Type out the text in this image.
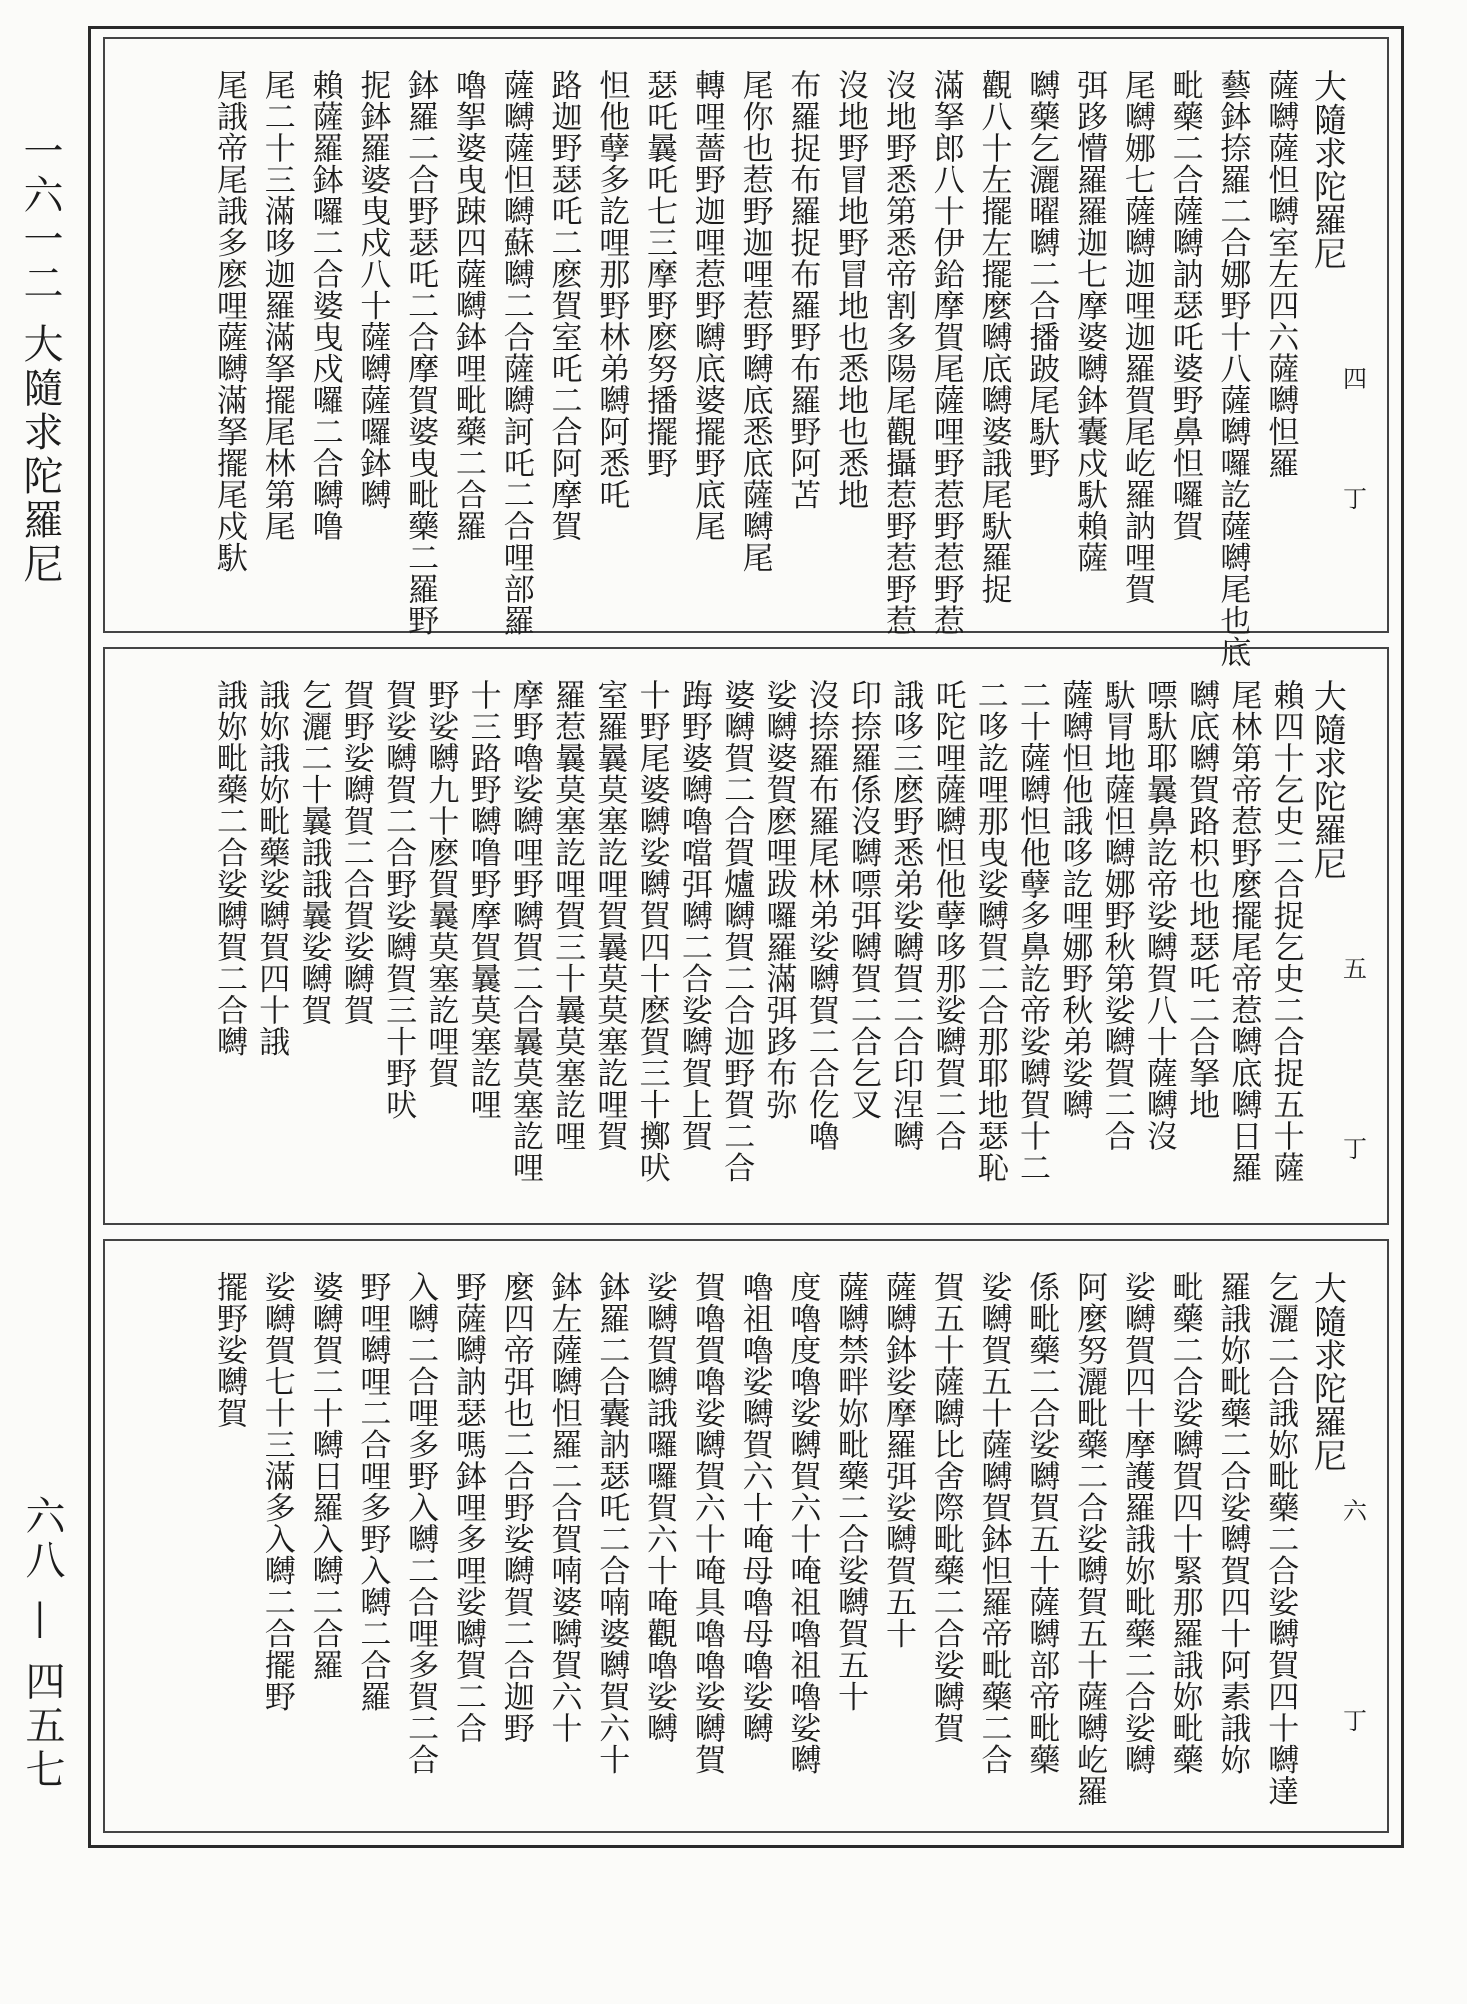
一六一二 大隨求陀羅尼
六八 — 四五七
四
丁
大隨求陀羅尼
薩嚩薩怛嚩室左四六薩嚩怛羅
藝鉢捺羅二合娜野十八薩嚩囉訖薩嚩尾也底
毗藥二合薩嚩訥瑟吒婆野鼻怛囉賀
尾嚩娜七薩嚩迦哩迦羅賀尾屹羅訥哩賀
弭跢懵羅羅迦七摩婆嚩鉢囊戍馱賴薩
嚩藥乞灑曜嚩二合播跛尾馱野
觀八十左擺左擺麼嚩底嚩婆誐尾馱羅捉
滿拏郎八十伊鉿摩賀尾薩哩野惹野惹野惹
沒地野悉第悉帝割多陽尾觀攝惹野惹野惹
沒地野冒地野冒地也悉地也悉地
布羅捉布羅捉布羅野布羅野阿苫
尾你也惹野迦哩惹野嚩底悉底薩嚩尾
轉哩薔野迦哩惹野嚩底婆擺野底尾
瑟吒曩吒七三摩野麽努播擺野
怛他孽多訖哩那野林弟嚩阿悉吒
路迦野瑟吒二麽賀室吒二合阿摩賀
薩嚩薩怛嚩蘇嚩二合薩嚩訶吒二合哩部羅
嚕挐婆曳踈四薩嚩鉢哩毗藥二合羅
鉢羅二合野瑟吒二合摩賀婆曳毗藥二羅野
抳鉢羅婆曳戍八十薩嚩薩囉鉢嚩
賴薩羅鉢囉二合婆曳戍囉二合嚩噜
尾二十三滿哆迦羅滿拏擺尾林第尾
尾誐帝尾誐多麽哩薩嚩滿拏擺尾戍馱
五
丁
大隨求陀羅尼
賴四十乞史二合捉乞史二合捉五十薩
尾林第帝惹野麼擺尾帝惹嚩底嚩日羅
嚩底嚩賀路枳也地瑟吒二合拏地
嘌馱耶曩鼻訖帝娑嚩賀八十薩嚩沒
馱冐地薩怛嚩娜野秋第娑嚩賀二合
薩嚩怛他誐哆訖哩娜野秋弟娑嚩
二十薩嚩怛他孽多鼻訖帝娑嚩賀十二
二哆訖哩那曳娑嚩賀二合那耶地瑟恥
吒陀哩薩嚩怛他孽哆那娑嚩賀二合
誐哆三麽野悉弟娑嚩賀二合印涅嚩
印捺羅係沒嚩嘌弭嚩賀二合乞叉
沒捺羅布羅尾林弟娑嚩賀二合仡嚕
娑嚩婆賀麽哩跋囉羅滿弭跢布弥
婆嚩賀二合賀爐嚩賀二合迦野賀二合
踇野婆嚩嚕噹弭嚩二合娑嚩賀上賀
十野尾婆嚩娑嚩賀四十麽賀三十擲吠
室羅曩莫塞訖哩賀曩莫莫塞訖哩賀
羅惹曩莫塞訖哩賀三十曩莫塞訖哩
摩野嚕娑嚩哩野嚩賀二合曩莫塞訖哩
十三路野嚩噜野摩賀曩莫塞訖哩
野娑嚩九十麽賀曩莫塞訖哩賀
賀娑嚩賀二合野娑嚩賀三十野吠
賀野娑嚩賀二合賀娑嚩賀
乞灑二十曩誐誐曩娑嚩賀
誐妳誐妳毗藥娑嚩賀四十誐
誐妳毗藥二合娑嚩賀二合嚩
六
丁
大隨求陀羅尼
乞灑二合誐妳毗藥二合娑嚩賀四十嚩達
羅誐妳毗藥二合娑嚩賀四十阿素誐妳
毗藥二合娑嚩賀四十緊那羅誐妳毗藥
娑嚩賀四十摩護羅誐妳毗藥二合娑嚩
阿麼努灑毗藥二合娑嚩賀五十薩嚩屹羅
係毗藥二合娑嚩賀五十薩嚩部帝毗藥
娑嚩賀五十薩嚩賀鉢怛羅帝毗藥二合
賀五十薩嚩比舍際毗藥二合娑嚩賀
薩嚩鉢娑摩羅弭娑嚩賀五十
薩嚩禁畔妳毗藥二合娑嚩賀五十
度嚕度嚕娑嚩賀六十唵祖嚕祖嚕娑嚩
嚕祖嚕娑嚩賀六十唵母嚕母嚕娑嚩
賀嚕賀嚕娑嚩賀六十唵具嚕嚕娑嚩賀
娑嚩賀嚩誐囉囉賀六十唵觀嚕娑嚩
鉢羅二合囊訥瑟吒二合喃婆嚩賀六十
鉢左薩嚩怛羅二合賀喃婆嚩賀六十
麼四帝弭也二合野娑嚩賀二合迦野
野薩嚩訥瑟嗎鉢哩多哩娑嚩賀二合
入嚩二合哩多野入嚩二合哩多賀二合
野哩嚩哩二合哩多野入嚩二合羅
婆嚩賀二十嚩日羅入嚩二合羅
娑嚩賀七十三滿多入嚩二合擺野
擺野娑嚩賀
